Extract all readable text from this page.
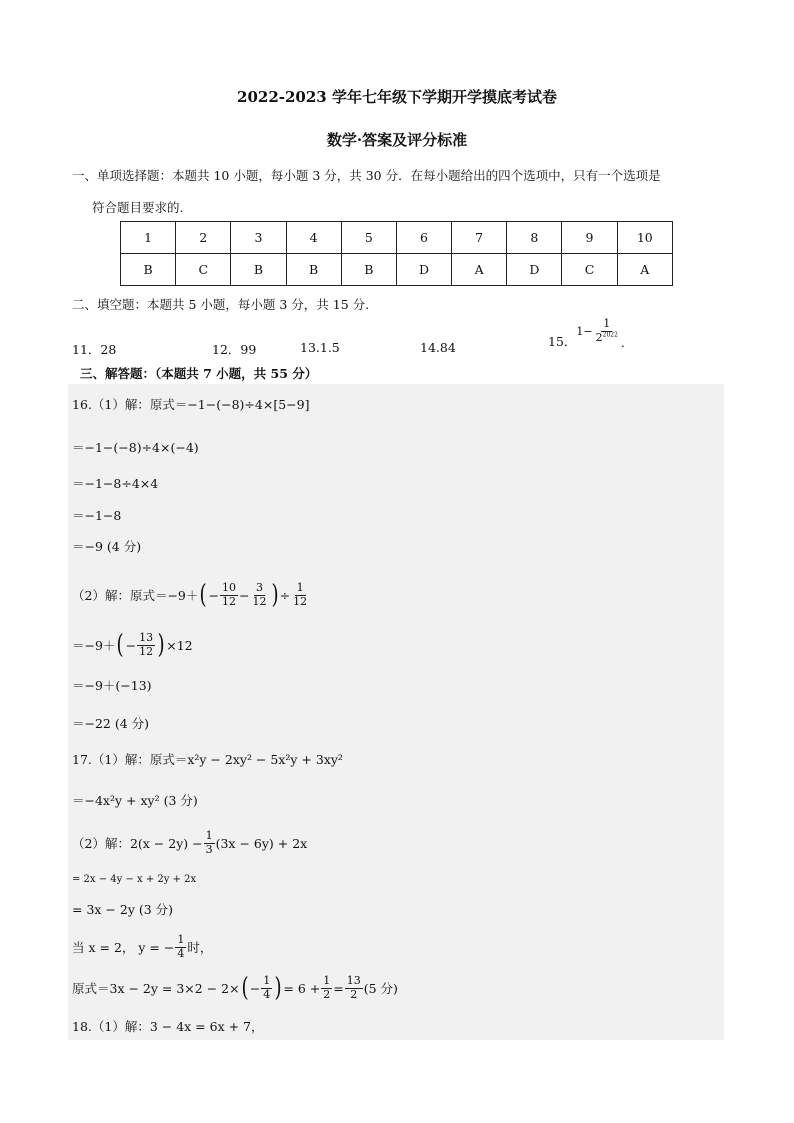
2022-2023 学年七年级下学期开学摸底考试卷
数学·答案及评分标准
一、单项选择题：本题共 10 小题，每小题 3 分，共 30 分．在每小题给出的四个选项中，只有一个选项是
符合题目要求的.
1	2	3	4	5	6	7	8	9	10
B	C	B	B	B	D	A	D	C	A
二、填空题：本题共 5 小题，每小题 3 分，共 15 分.
11．28	12．99	13.1.5	14.84	15．
$1- \frac{1}{2^{2022}}$ .
三、解答题：（本题共 7 小题，共 55 分）
16.（1）解：原式＝−1− (−8)÷4× [5−9]
＝−1−(−8)÷4×(−4)
＝−1−8÷4×4
＝−1−8
＝−9 (4 分)
（2）解：原式＝−9＋ ( − $\frac{10}{12} - \frac{3}{12}$ ) ÷ $\frac{1}{12}$
＝−9＋ ( − $\frac{13}{12}$ ) ×12
＝−9＋(−13)
＝−22 (4 分)
17.（1）解：原式＝x²y − 2xy² − 5x²y + 3xy²
＝−4x²y + xy² (3 分)
（2）解：$2(x - 2y) - \frac{1}{3} (3x - 6y) + 2x$
= 2x − 4y − x + 2y + 2x
= 3x − 2y (3 分)
当 x = 2， y = − $\frac{1}{4}$ 时，
原式＝3x − 2y = 3×2 − 2× ( − $\frac{1}{4}$ ) = $6 + \frac{1}{2} = \frac{13}{2} (5$ 分)
18.（1）解：3 − 4x = 6x + 7，
